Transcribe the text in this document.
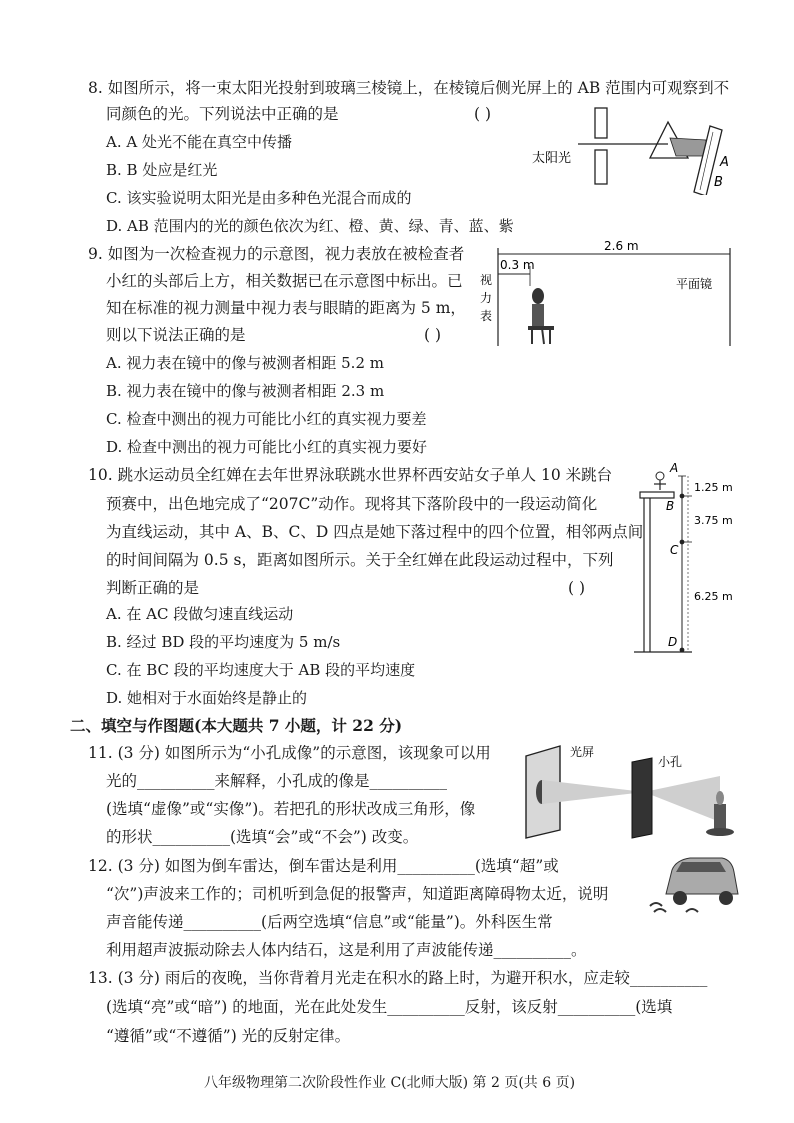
8. 如图所示，将一束太阳光投射到玻璃三棱镜上，在棱镜后侧光屏上的 AB 范围内可观察到不
同颜色的光。下列说法中正确的是	( )
A. A 处光不能在真空中传播
B. B 处应是红光
C. 该实验说明太阳光是由多种色光混合而成的
D. AB 范围内的光的颜色依次为红、橙、黄、绿、青、蓝、紫
A
B
太阳光
9. 如图为一次检查视力的示意图，视力表放在被检查者
小红的头部后上方，相关数据已在示意图中标出。已
知在标准的视力测量中视力表与眼睛的距离为 5 m，
则以下说法正确的是	( )
A. 视力表在镜中的像与被测者相距 5.2 m
B. 视力表在镜中的像与被测者相距 2.3 m
C. 检查中测出的视力可能比小红的真实视力要差
D. 检查中测出的视力可能比小红的真实视力要好
2.6 m
0.3 m
视
力
表
平面镜
10. 跳水运动员全红婵在去年世界泳联跳水世界杯西安站女子单人 10 米跳台
预赛中，出色地完成了“207C”动作。现将其下落阶段中的一段运动简化
为直线运动，其中 A、B、C、D 四点是她下落过程中的四个位置，相邻两点间
的时间间隔为 0.5 s，距离如图所示。关于全红婵在此段运动过程中，下列
判断正确的是	( )
A. 在 AC 段做匀速直线运动
B. 经过 BD 段的平均速度为 5 m/s
C. 在 BC 段的平均速度大于 AB 段的平均速度
D. 她相对于水面始终是静止的
A
B
C
D
1.25 m
3.75 m
6.25 m
二、填空与作图题(本大题共 7 小题，计 22 分)
11. (3 分) 如图所示为“小孔成像”的示意图，该现象可以用
光的__________来解释，小孔成的像是__________
(选填“虚像”或“实像”)。若把孔的形状改成三角形，像
的形状__________(选填“会”或“不会”) 改变。
光屏
小孔
12. (3 分) 如图为倒车雷达，倒车雷达是利用__________(选填“超”或
“次”)声波来工作的；司机听到急促的报警声，知道距离障碍物太近，说明
声音能传递__________(后两空选填“信息”或“能量”)。外科医生常
利用超声波振动除去人体内结石，这是利用了声波能传递__________。
13. (3 分) 雨后的夜晚，当你背着月光走在积水的路上时，为避开积水，应走较__________
(选填“亮”或“暗”) 的地面，光在此处发生__________反射，该反射__________(选填
“遵循”或“不遵循”) 光的反射定律。
八年级物理第二次阶段性作业 C(北师大版) 第 2 页(共 6 页)
